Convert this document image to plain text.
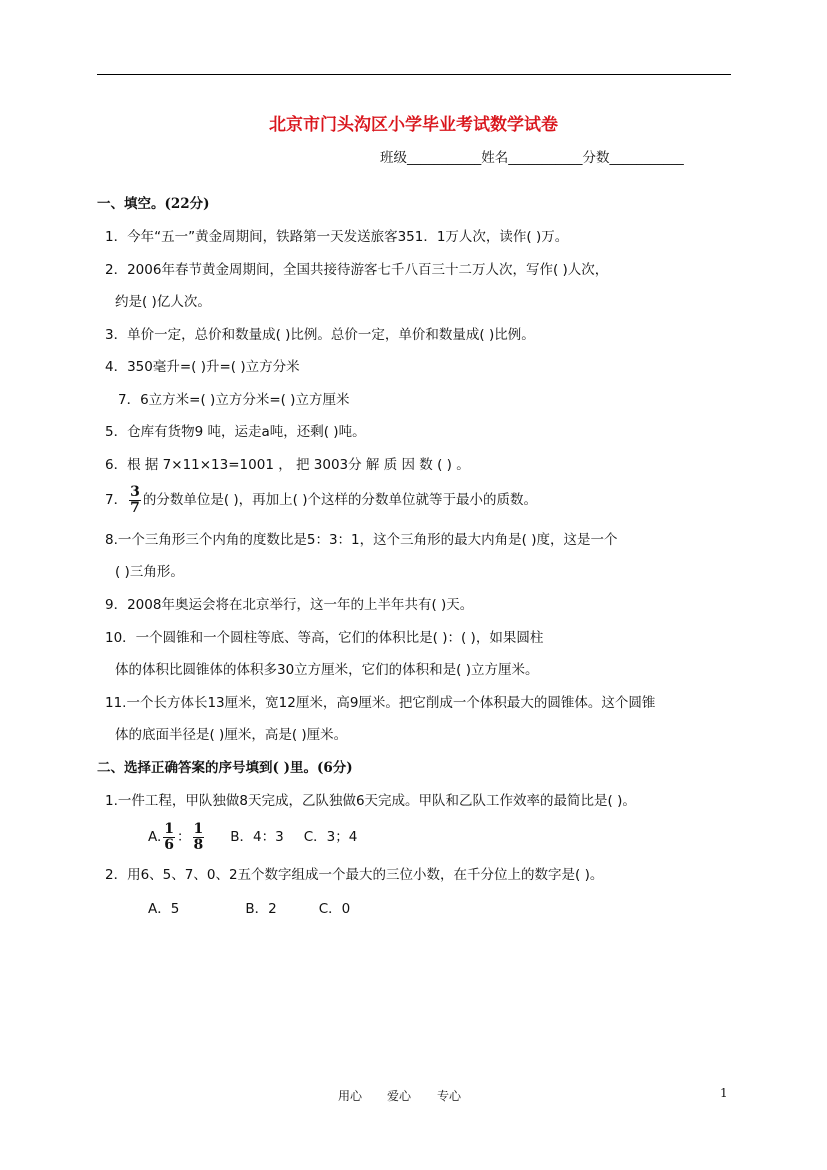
北京市门头沟区小学毕业考试数学试卷
班级___________姓名___________分数___________
一、填空。(22分)
1．今年“五一”黄金周期间，铁路第一天发送旅客351．1万人次，读作( )万。
2．2006年春节黄金周期间，全国共接待游客七千八百三十二万人次，写作( )人次，
约是( )亿人次。
3．单价一定，总价和数量成( )比例。总价一定，单价和数量成( )比例。
4．350毫升=( )升=( )立方分米
7．6立方米=( )立方分米=( )立方厘米
5．仓库有货物9 吨，运走a吨，还剩( )吨。
6．根 据 7×11×13=1001 ， 把 3003分 解 质 因 数 ( ) 。
7． $\frac{3}{7}$ 的分数单位是( )，再加上( )个这样的分数单位就等于最小的质数。
8.一个三角形三个内角的度数比是5：3：1，这个三角形的最大内角是( )度，这是一个
( )三角形。
9．2008年奥运会将在北京举行，这一年的上半年共有( )天。
10．一个圆锥和一个圆柱等底、等高，它们的体积比是( )：( )，如果圆柱
体的体积比圆锥体的体积多30立方厘米，它们的体积和是( )立方厘米。
11.一个长方体长13厘米，宽12厘米，高9厘米。把它削成一个体积最大的圆锥体。这个圆锥
体的底面半径是( )厘米，高是( )厘米。
二、选择正确答案的序号填到( )里。(6分)
1.一件工程，甲队独做8天完成，乙队独做6天完成。甲队和乙队工作效率的最简比是( )。
A. $\frac{1}{6}$ ： $\frac{1}{8}$ B．4：3 C．3；4
2．用6、5、7、0、2五个数字组成一个最大的三位小数，在千分位上的数字是( )。
A．5	B．2	C．0
用心 爱心 专心	1
